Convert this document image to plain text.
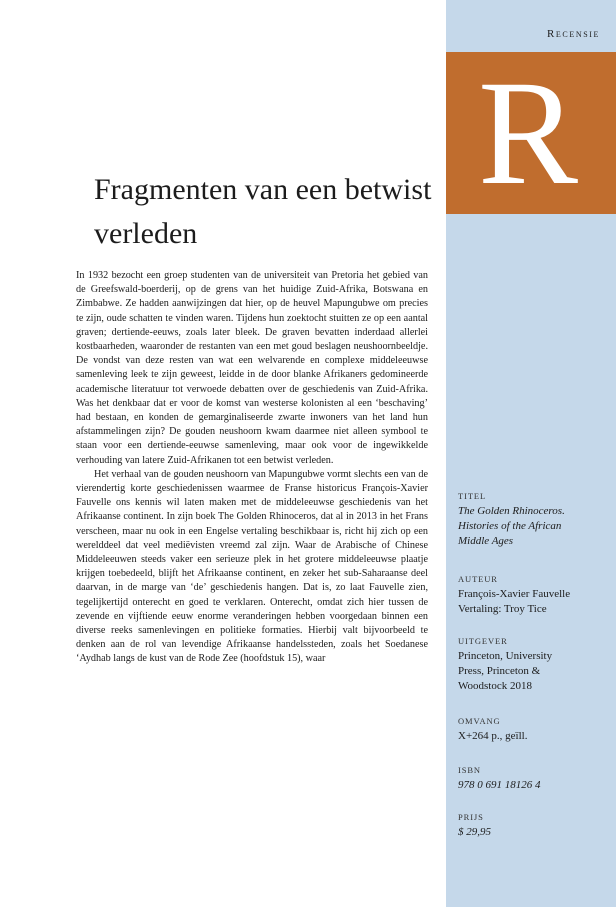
Recensie
R
Fragmenten van een betwist verleden

In 1932 bezocht een groep studenten van de universiteit van Pretoria het gebied van de Greefswald-boerderij, op de grens van het huidige Zuid-Afrika, Botswana en Zimbabwe. Ze hadden aanwijzingen dat hier, op de heuvel Mapungubwe om precies te zijn, oude schatten te vinden waren. Tijdens hun zoektocht stuitten ze op een aantal graven; dertiende-eeuws, zoals later bleek. De graven bevatten inderdaad allerlei kostbaarheden, waaronder de restanten van een met goud beslagen neushoornbeeldje. De vondst van deze resten van wat een welvarende en complexe middeleeuwse samenleving leek te zijn geweest, leidde in de door blanke Afrikaners gedomineerde academische literatuur tot verwoede debatten over de geschiedenis van Zuid-Afrika. Was het denkbaar dat er voor de komst van westerse kolonisten al een ‘beschaving’ had bestaan, en konden de gemarginaliseerde zwarte inwoners van het land hun afstammelingen zijn? De gouden neushoorn kwam daarmee niet alleen symbool te staan voor een dertiende-eeuwse samenleving, maar ook voor de ingewikkelde verhouding van latere Zuid-Afrikanen tot een betwist verleden.

Het verhaal van de gouden neushoorn van Mapungubwe vormt slechts een van de vierendertig korte geschiedenissen waarmee de Franse historicus François-Xavier Fauvelle ons kennis wil laten maken met de middeleeuwse geschiedenis van het Afrikaanse continent. In zijn boek The Golden Rhinoceros, dat al in 2013 in het Frans verscheen, maar nu ook in een Engelse vertaling beschikbaar is, richt hij zich op een werelddeel dat veel mediëvisten vreemd zal zijn. Waar de Arabische of Chinese Middeleeuwen steeds vaker een serieuze plek in het grotere middeleeuwse plaatje krijgen toebedeeld, blijft het Afrikaanse continent, en zeker het sub-Saharaanse deel daarvan, in de marge van ‘de’ geschiedenis hangen. Dat is, zo laat Fauvelle zien, tegelijkertijd onterecht en goed te verklaren. Onterecht, omdat zich hier tussen de zevende en vijftiende eeuw enorme veranderingen hebben voorgedaan binnen een diverse reeks samenlevingen en politieke formaties. Hierbij valt bijvoorbeeld te denken aan de rol van levendige Afrikaanse handelssteden, zoals het Soedanese ‘Aydhab langs de kust van de Rode Zee (hoofdstuk 15), waar

TITEL
The Golden Rhinoceros.
Histories of the African
Middle Ages
AUTEUR
François-Xavier Fauvelle
Vertaling: Troy Tice
UITGEVER
Princeton, University
Press, Princeton &
Woodstock 2018
OMVANG
X+264 p., geïll.
ISBN
978 0 691 18126 4
PRIJS
$ 29,95
